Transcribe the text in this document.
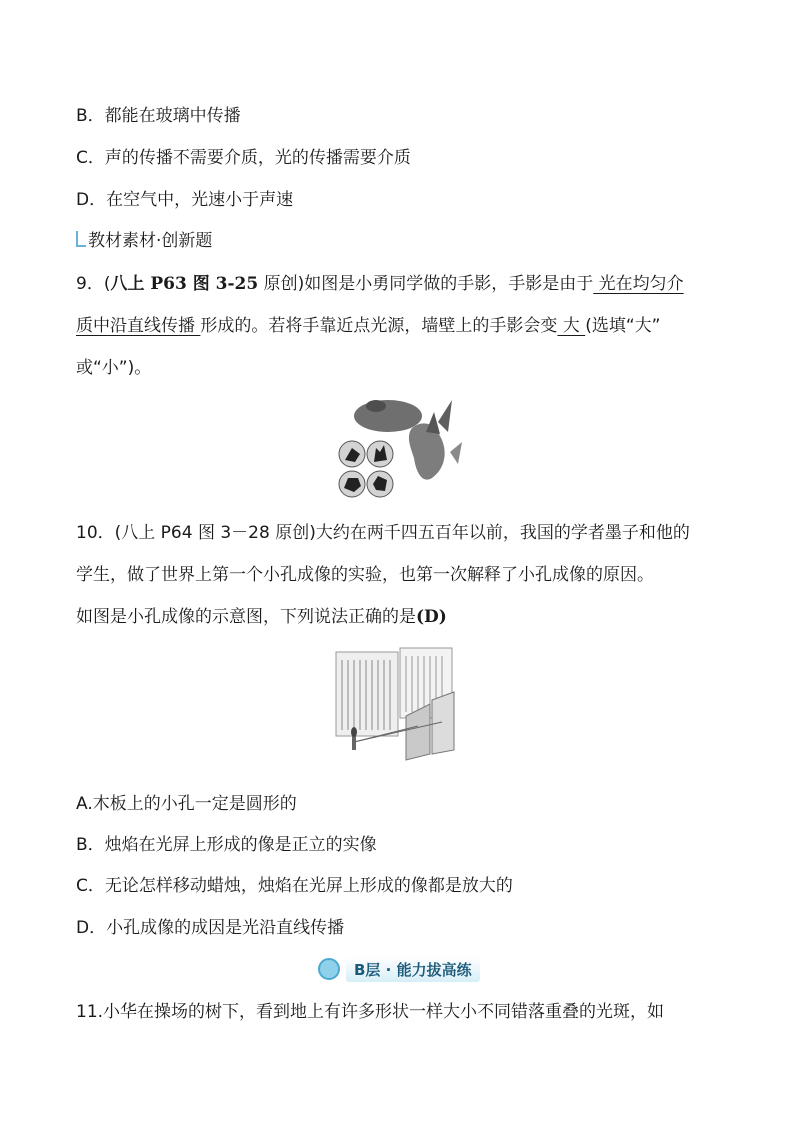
B．都能在玻璃中传播
C．声的传播不需要介质，光的传播需要介质
D．在空气中，光速小于声速
教材素材·创新题
9．(八上 P63 图 3-25 原创)如图是小勇同学做的手影，手影是由于 光在均匀介
质中沿直线传播 形成的。若将手靠近点光源，墙壁上的手影会变 大 (选填“大”
或“小”)。
10．(八上 P64 图 3－28 原创)大约在两千四五百年以前，我国的学者墨子和他的
学生，做了世界上第一个小孔成像的实验，也第一次解释了小孔成像的原因。
如图是小孔成像的示意图，下列说法正确的是(D)
A.木板上的小孔一定是圆形的
B．烛焰在光屏上形成的像是正立的实像
C．无论怎样移动蜡烛，烛焰在光屏上形成的像都是放大的
D．小孔成像的成因是光沿直线传播
B层 · 能力拔高练
11.小华在操场的树下，看到地上有许多形状一样大小不同错落重叠的光斑，如
